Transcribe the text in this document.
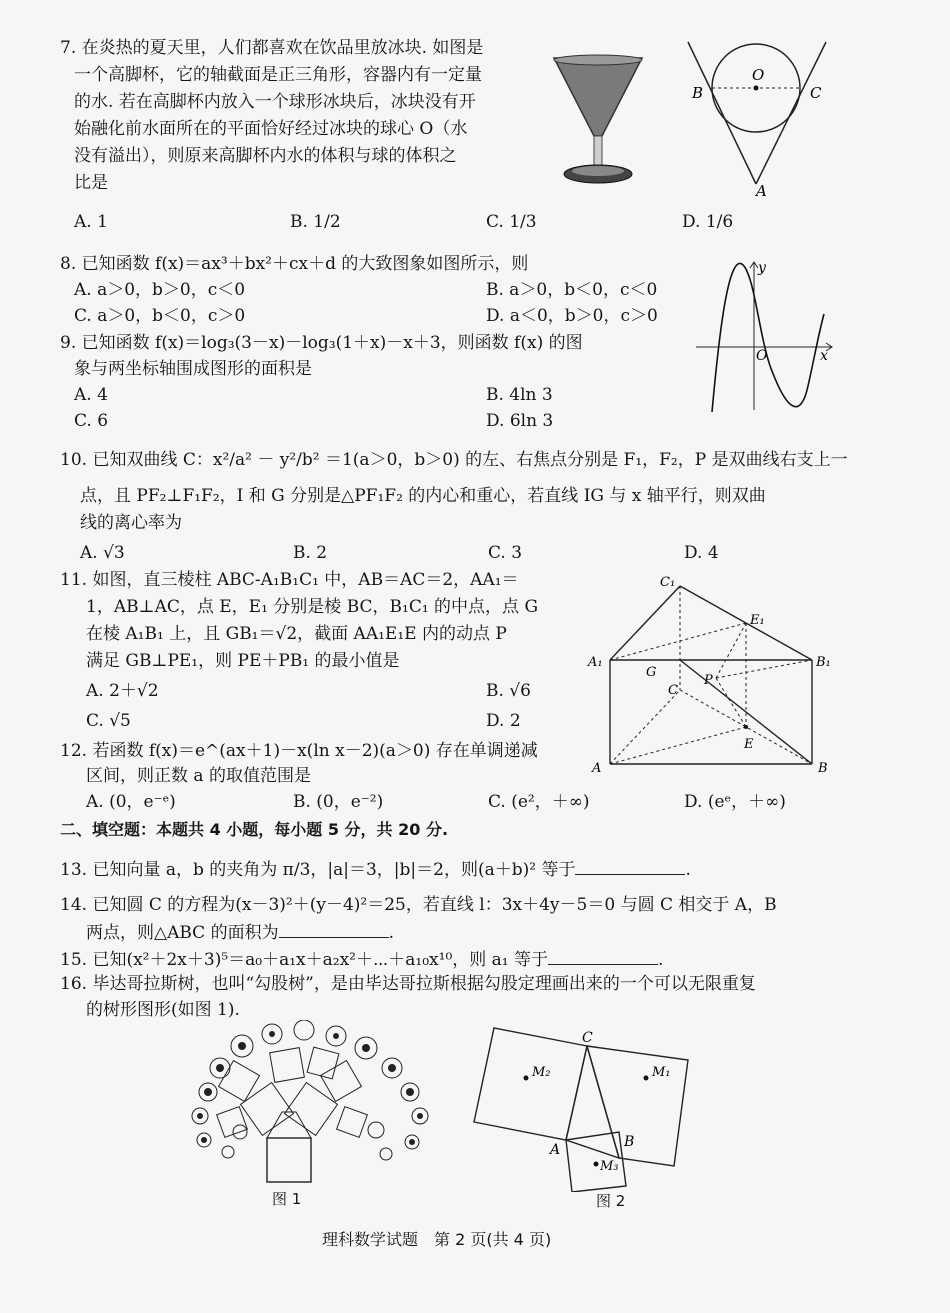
7. 在炎热的夏天里，人们都喜欢在饮品里放冰块. 如图是
一个高脚杯，它的轴截面是正三角形，容器内有一定量
的水. 若在高脚杯内放入一个球形冰块后，冰块没有开
始融化前水面所在的平面恰好经过冰块的球心 O（水
没有溢出），则原来高脚杯内水的体积与球的体积之
比是
A. 1	B. 1/2	C. 1/3	D. 1/6
O
B	C
A
8. 已知函数 f(x)＝ax³＋bx²＋cx＋d 的大致图象如图所示，则
A. a＞0，b＞0，c＜0	B. a＞0，b＜0，c＜0
C. a＞0，b＜0，c＞0	D. a＜0，b＞0，c＞0
y
O	x
9. 已知函数 f(x)＝log₃(3－x)－log₃(1＋x)－x＋3，则函数 f(x) 的图
象与两坐标轴围成图形的面积是
A. 4	B. 4ln 3
C. 6	D. 6ln 3
10. 已知双曲线 C：x²/a² － y²/b² ＝1(a＞0，b＞0) 的左、右焦点分别是 F₁，F₂，P 是双曲线右支上一
点，且 PF₂⊥F₁F₂，I 和 G 分别是△PF₁F₂ 的内心和重心，若直线 IG 与 x 轴平行，则双曲
线的离心率为
A. √3	B. 2	C. 3	D. 4
11. 如图，直三棱柱 ABC-A₁B₁C₁ 中，AB＝AC＝2，AA₁＝
1，AB⊥AC，点 E，E₁ 分别是棱 BC，B₁C₁ 的中点，点 G
在棱 A₁B₁ 上，且 GB₁＝√2，截面 AA₁E₁E 内的动点 P
满足 GB⊥PE₁，则 PE＋PB₁ 的最小值是
A. 2＋√2	B. √6
C. √5	D. 2
C₁
E₁
A₁
G
P
B₁
C
E
A	B
12. 若函数 f(x)＝e^(ax＋1)－x(ln x－2)(a＞0) 存在单调递减
区间，则正数 a 的取值范围是
A. (0，e⁻ᵉ)	B. (0，e⁻²)	C. (e²，＋∞)	D. (eᵉ，＋∞)
二、填空题：本题共 4 小题，每小题 5 分，共 20 分.
13. 已知向量 a，b 的夹角为 π/3，|a|＝3，|b|＝2，则(a＋b)² 等于	.
14. 已知圆 C 的方程为(x－3)²＋(y－4)²＝25，若直线 l：3x＋4y－5＝0 与圆 C 相交于 A，B
两点，则△ABC 的面积为	.
15. 已知(x²＋2x＋3)⁵＝a₀＋a₁x＋a₂x²＋⋯＋a₁₀x¹⁰，则 a₁ 等于	.
16. 毕达哥拉斯树，也叫“勾股树”，是由毕达哥拉斯根据勾股定理画出来的一个可以无限重复
的树形图形(如图 1).
图 1
C
M₂	M₁
A	B
M₃
图 2
理科数学试题　第 2 页(共 4 页)
